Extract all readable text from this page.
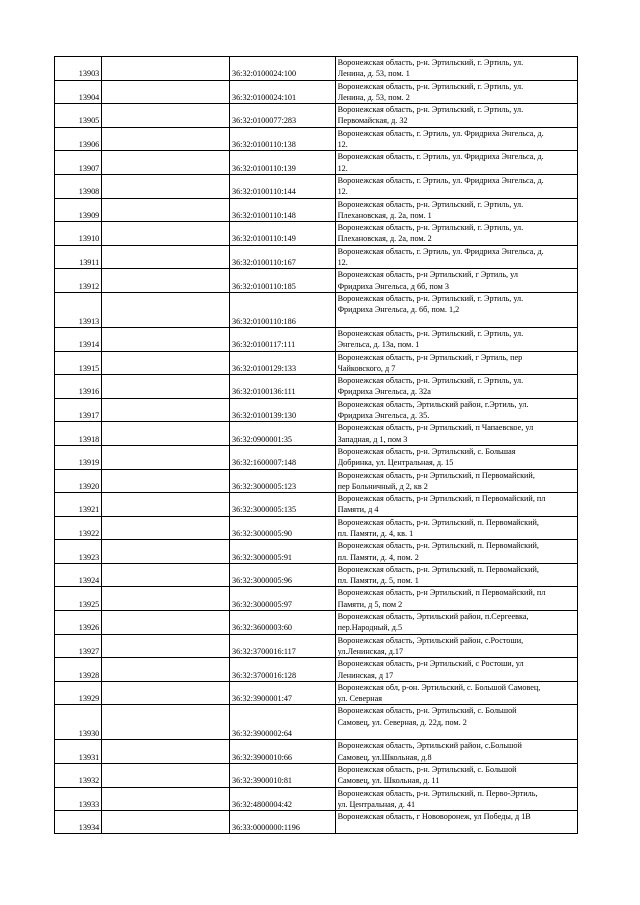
13903		36:32:0100024:100	Воронежская область, р-н. Эртильский, г. Эртиль, ул.
Ленина, д. 53, пом. 1

13904		36:32:0100024:101	Воронежская область, р-н. Эртильский, г. Эртиль, ул.
Ленина, д. 53, пом. 2

13905		36:32:0100077:283	Воронежская область, р-н. Эртильский, г. Эртиль, ул.
Первомайская, д. 32

13906		36:32:0100110:138	Воронежская область, г. Эртиль, ул. Фридриха Энгельса, д.
12.

13907		36:32:0100110:139	Воронежская область, г. Эртиль, ул. Фридриха Энгельса, д.
12.

13908		36:32:0100110:144	Воронежская область, г. Эртиль, ул. Фридриха Энгельса, д.
12.

13909		36:32:0100110:148	Воронежская область, р-н. Эртильский, г. Эртиль, ул.
Плехановская, д. 2а, пом. 1

13910		36:32:0100110:149	Воронежская область, р-н. Эртильский, г. Эртиль, ул.
Плехановская, д. 2а, пом. 2

13911		36:32:0100110:167	Воронежская область, г. Эртиль, ул. Фридриха Энгельса, д.
12.

13912		36:32:0100110:185	Воронежская область, р-н Эртильский, г Эртиль, ул
Фридриха Энгельса, д 6б, пом 3

13913		36:32:0100110:186	Воронежская область, р-н. Эртильский, г. Эртиль, ул.
Фридриха Энгельса, д. 6б, пом. 1,2

13914		36:32:0100117:111	Воронежская область, р-н. Эртильский, г. Эртиль, ул.
Энгельса, д. 13а, пом. 1

13915		36:32:0100129:133	Воронежская область, р-н Эртильский, г Эртиль, пер
Чайковского, д 7

13916		36:32:0100136:111	Воронежская область, р-н. Эртильский, г. Эртиль, ул.
Фридриха Энгельса, д. 32а

13917		36:32:0100139:130	Воронежская область, Эртильский район, г.Эртиль, ул.
Фридриха Энгельса, д. 35.

13918		36:32:0900001:35	Воронежская область, р-н Эртильский, п Чапаевское, ул
Западная, д 1, пом 3

13919		36:32:1600007:148	Воронежская область, р-н. Эртильский, с. Большая
Добринка, ул. Центральная, д. 15

13920		36:32:3000005:123	Воронежская область, р-н Эртильский, п Первомайский,
пер Больничный, д 2, кв 2

13921		36:32:3000005:135	Воронежская область, р-н Эртильский, п Первомайский, пл
Памяти, д 4

13922		36:32:3000005:90	Воронежская область, р-н. Эртильский, п. Первомайский,
пл. Памяти, д. 4, кв. 1

13923		36:32:3000005:91	Воронежская область, р-н. Эртильский, п. Первомайский,
пл. Памяти, д. 4, пом. 2

13924		36:32:3000005:96	Воронежская область, р-н. Эртильский, п. Первомайский,
пл. Памяти, д. 5, пом. 1

13925		36:32:3000005:97	Воронежская область, р-н Эртильский, п Первомайский, пл
Памяти, д 5, пом 2

13926		36:32:3600003:60	Воронежская область, Эртильский район, п.Сергеевка,
пер.Народный, д.5

13927		36:32:3700016:117	Воронежская область, Эртильский район, с.Ростоши,
ул.Ленинская, д.17

13928		36:32:3700016:128	Воронежская область, р-н Эртильский, с Ростоши, ул
Ленинская, д 17

13929		36:32:3900001:47	Воронежская обл, р-он. Эртильский, с. Большой Самовец,
ул. Северная

13930		36:32:3900002:64	Воронежская область, р-н. Эртильский, с. Большой
Самовец, ул. Северная, д. 22д, пом. 2

13931		36:32:3900010:66	Воронежская область, Эртильский район, с.Большой
Самовец, ул.Школьная, д.8

13932		36:32:3900010:81	Воронежская область, р-н. Эртильский, с. Большой
Самовец, ул. Школьная, д. 11

13933		36:32:4800004:42	Воронежская область, р-н. Эртильский, п. Перво-Эртиль,
ул. Центральная, д. 41

13934		36:33:0000000:1196	Воронежская область, г Нововоронеж, ул Победы, д 1В
